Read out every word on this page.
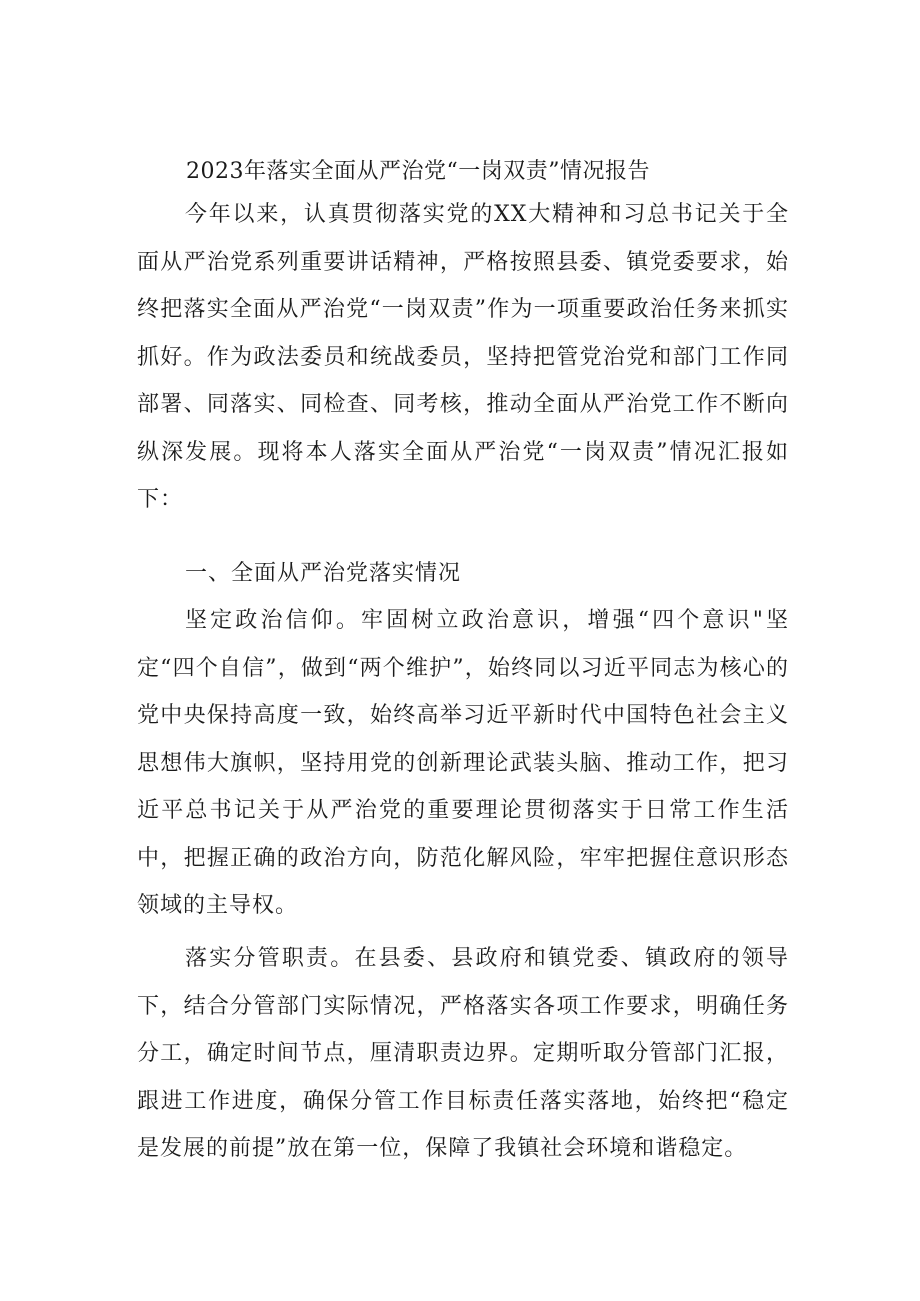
2023年落实全面从严治党“一岗双责”情况报告

今年以来，认真贯彻落实党的XX大精神和习总书记关于全面从严治党系列重要讲话精神，严格按照县委、镇党委要求，始终把落实全面从严治党“一岗双责”作为一项重要政治任务来抓实抓好。作为政法委员和统战委员，坚持把管党治党和部门工作同部署、同落实、同检查、同考核，推动全面从严治党工作不断向纵深发展。现将本人落实全面从严治党“一岗双责”情况汇报如下：

一、全面从严治党落实情况

坚定政治信仰。牢固树立政治意识，增强“四个意识"坚定“四个自信”，做到“两个维护”，始终同以习近平同志为核心的党中央保持高度一致，始终高举习近平新时代中国特色社会主义思想伟大旗帜，坚持用党的创新理论武装头脑、推动工作，把习近平总书记关于从严治党的重要理论贯彻落实于日常工作生活中，把握正确的政治方向，防范化解风险，牢牢把握住意识形态领域的主导权。

落实分管职责。在县委、县政府和镇党委、镇政府的领导下，结合分管部门实际情况，严格落实各项工作要求，明确任务分工，确定时间节点，厘清职责边界。定期听取分管部门汇报，跟进工作进度，确保分管工作目标责任落实落地，始终把“稳定是发展的前提”放在第一位，保障了我镇社会环境和谐稳定。
